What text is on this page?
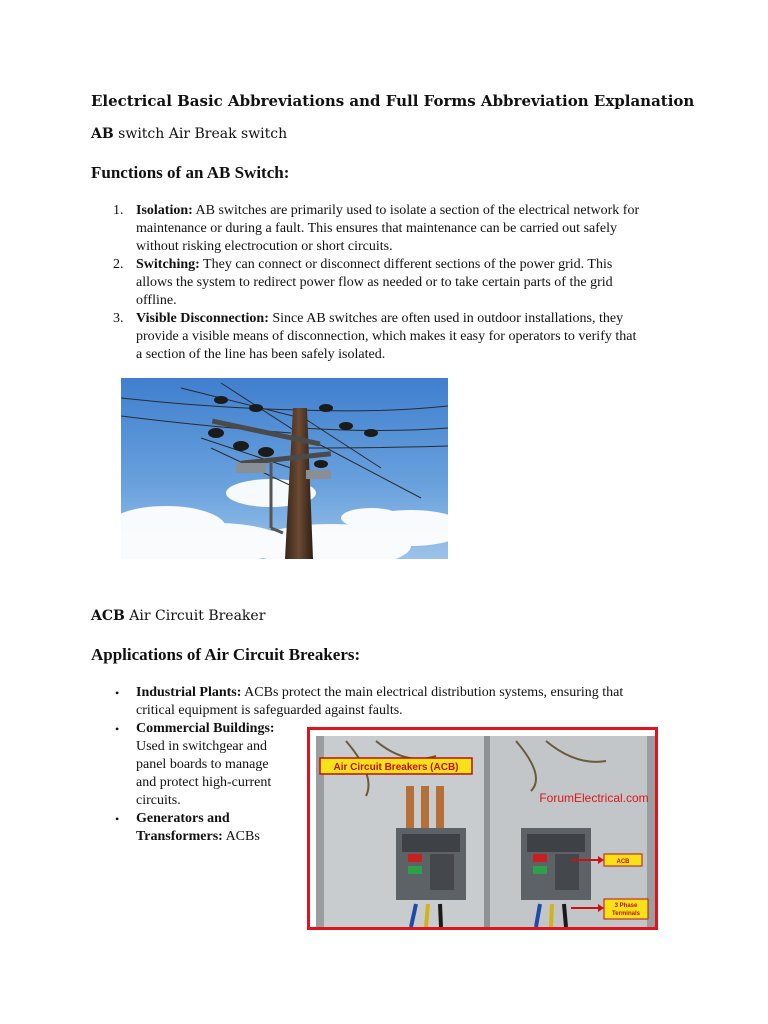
Electrical Basic Abbreviations and Full Forms Abbreviation Explanation

AB switch Air Break switch

Functions of an AB Switch:
1. Isolation: AB switches are primarily used to isolate a section of the electrical network for
maintenance or during a fault. This ensures that maintenance can be carried out safely
without risking electrocution or short circuits.
2. Switching: They can connect or disconnect different sections of the power grid. This
allows the system to redirect power flow as needed or to take certain parts of the grid
offline.
3. Visible Disconnection: Since AB switches are often used in outdoor installations, they
provide a visible means of disconnection, which makes it easy for operators to verify that
a section of the line has been safely isolated.

ACB Air Circuit Breaker

Applications of Air Circuit Breakers:
• Industrial Plants: ACBs protect the main electrical distribution systems, ensuring that
critical equipment is safeguarded against faults.
• Commercial Buildings:
Used in switchgear and
panel boards to manage
and protect high-current
circuits.
• Generators and
Transformers: ACBs
Air Circuit Breakers (ACB)
ForumElectrical.com
ACB
3 Phase
Terminals
